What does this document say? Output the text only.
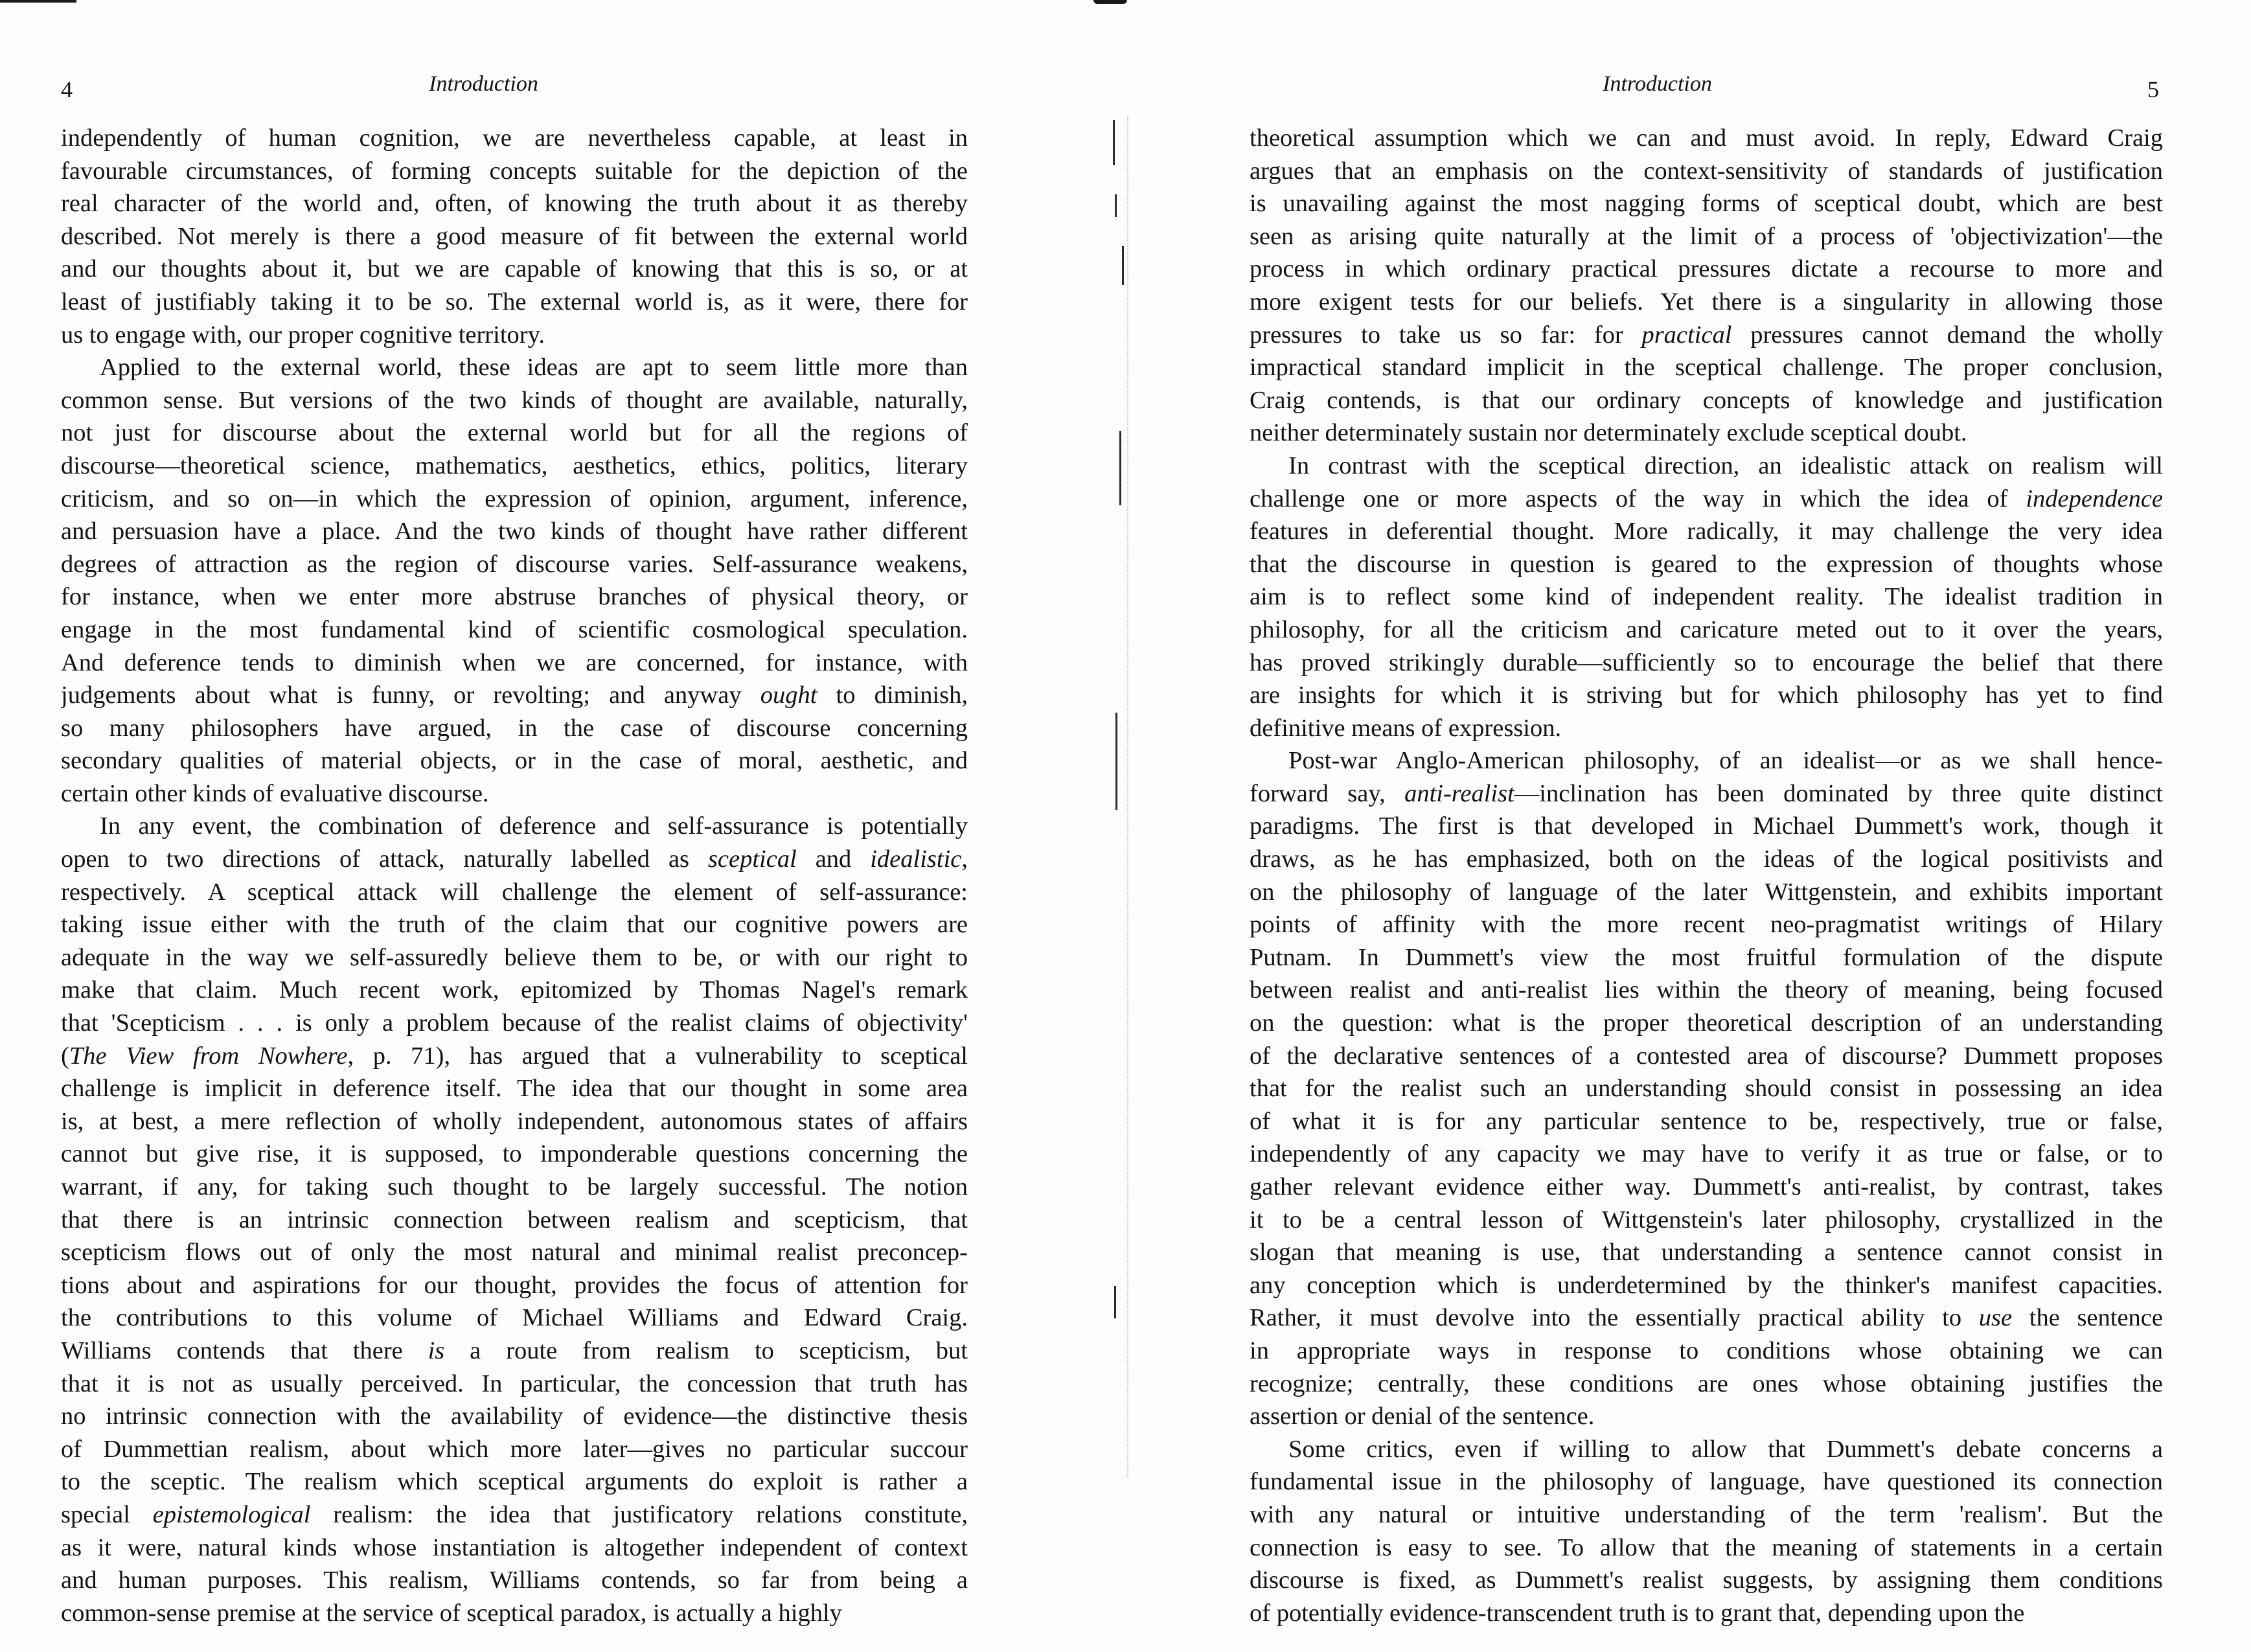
4	Introduction
independently of human cognition, we are nevertheless capable, at least in
favourable circumstances, of forming concepts suitable for the depiction of the
real character of the world and, often, of knowing the truth about it as thereby
described. Not merely is there a good measure of fit between the external world
and our thoughts about it, but we are capable of knowing that this is so, or at
least of justifiably taking it to be so. The external world is, as it were, there for
us to engage with, our proper cognitive territory.
Applied to the external world, these ideas are apt to seem little more than
common sense. But versions of the two kinds of thought are available, naturally,
not just for discourse about the external world but for all the regions of
discourse—theoretical science, mathematics, aesthetics, ethics, politics, literary
criticism, and so on—in which the expression of opinion, argument, inference,
and persuasion have a place. And the two kinds of thought have rather different
degrees of attraction as the region of discourse varies. Self-assurance weakens,
for instance, when we enter more abstruse branches of physical theory, or
engage in the most fundamental kind of scientific cosmological speculation.
And deference tends to diminish when we are concerned, for instance, with
judgements about what is funny, or revolting; and anyway ought to diminish,
so many philosophers have argued, in the case of discourse concerning
secondary qualities of material objects, or in the case of moral, aesthetic, and
certain other kinds of evaluative discourse.
In any event, the combination of deference and self-assurance is potentially
open to two directions of attack, naturally labelled as sceptical and idealistic,
respectively. A sceptical attack will challenge the element of self-assurance:
taking issue either with the truth of the claim that our cognitive powers are
adequate in the way we self-assuredly believe them to be, or with our right to
make that claim. Much recent work, epitomized by Thomas Nagel's remark
that 'Scepticism . . . is only a problem because of the realist claims of objectivity'
(The View from Nowhere, p. 71), has argued that a vulnerability to sceptical
challenge is implicit in deference itself. The idea that our thought in some area
is, at best, a mere reflection of wholly independent, autonomous states of affairs
cannot but give rise, it is supposed, to imponderable questions concerning the
warrant, if any, for taking such thought to be largely successful. The notion
that there is an intrinsic connection between realism and scepticism, that
scepticism flows out of only the most natural and minimal realist preconcep-
tions about and aspirations for our thought, provides the focus of attention for
the contributions to this volume of Michael Williams and Edward Craig.
Williams contends that there is a route from realism to scepticism, but
that it is not as usually perceived. In particular, the concession that truth has
no intrinsic connection with the availability of evidence—the distinctive thesis
of Dummettian realism, about which more later—gives no particular succour
to the sceptic. The realism which sceptical arguments do exploit is rather a
special epistemological realism: the idea that justificatory relations constitute,
as it were, natural kinds whose instantiation is altogether independent of context
and human purposes. This realism, Williams contends, so far from being a
common-sense premise at the service of sceptical paradox, is actually a highly
Introduction	5
theoretical assumption which we can and must avoid. In reply, Edward Craig
argues that an emphasis on the context-sensitivity of standards of justification
is unavailing against the most nagging forms of sceptical doubt, which are best
seen as arising quite naturally at the limit of a process of 'objectivization'—the
process in which ordinary practical pressures dictate a recourse to more and
more exigent tests for our beliefs. Yet there is a singularity in allowing those
pressures to take us so far: for practical pressures cannot demand the wholly
impractical standard implicit in the sceptical challenge. The proper conclusion,
Craig contends, is that our ordinary concepts of knowledge and justification
neither determinately sustain nor determinately exclude sceptical doubt.
In contrast with the sceptical direction, an idealistic attack on realism will
challenge one or more aspects of the way in which the idea of independence
features in deferential thought. More radically, it may challenge the very idea
that the discourse in question is geared to the expression of thoughts whose
aim is to reflect some kind of independent reality. The idealist tradition in
philosophy, for all the criticism and caricature meted out to it over the years,
has proved strikingly durable—sufficiently so to encourage the belief that there
are insights for which it is striving but for which philosophy has yet to find
definitive means of expression.
Post-war Anglo-American philosophy, of an idealist—or as we shall hence-
forward say, anti-realist—inclination has been dominated by three quite distinct
paradigms. The first is that developed in Michael Dummett's work, though it
draws, as he has emphasized, both on the ideas of the logical positivists and
on the philosophy of language of the later Wittgenstein, and exhibits important
points of affinity with the more recent neo-pragmatist writings of Hilary
Putnam. In Dummett's view the most fruitful formulation of the dispute
between realist and anti-realist lies within the theory of meaning, being focused
on the question: what is the proper theoretical description of an understanding
of the declarative sentences of a contested area of discourse? Dummett proposes
that for the realist such an understanding should consist in possessing an idea
of what it is for any particular sentence to be, respectively, true or false,
independently of any capacity we may have to verify it as true or false, or to
gather relevant evidence either way. Dummett's anti-realist, by contrast, takes
it to be a central lesson of Wittgenstein's later philosophy, crystallized in the
slogan that meaning is use, that understanding a sentence cannot consist in
any conception which is underdetermined by the thinker's manifest capacities.
Rather, it must devolve into the essentially practical ability to use the sentence
in appropriate ways in response to conditions whose obtaining we can
recognize; centrally, these conditions are ones whose obtaining justifies the
assertion or denial of the sentence.
Some critics, even if willing to allow that Dummett's debate concerns a
fundamental issue in the philosophy of language, have questioned its connection
with any natural or intuitive understanding of the term 'realism'. But the
connection is easy to see. To allow that the meaning of statements in a certain
discourse is fixed, as Dummett's realist suggests, by assigning them conditions
of potentially evidence-transcendent truth is to grant that, depending upon the
